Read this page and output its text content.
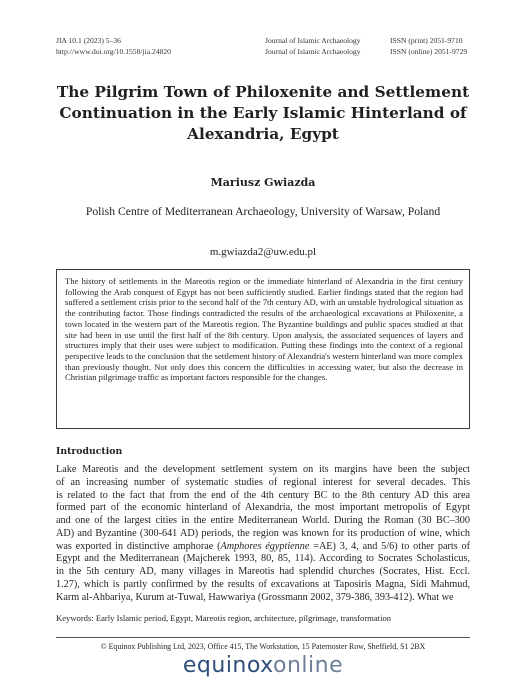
JIA 10.1 (2023) 5–36
http://www.doi.org/10.1558/jia.24820
Journal of Islamic Archaeology
Journal of Islamic Archaeology
ISSN (print) 2051-9710
ISSN (online) 2051-9729
The Pilgrim Town of Philoxenite and Settlement
Continuation in the Early Islamic Hinterland of
Alexandria, Egypt
Mariusz Gwiazda
Polish Centre of Mediterranean Archaeology, University of Warsaw, Poland
m.gwiazda2@uw.edu.pl
The history of settlements in the Mareotis region or the immediate hinterland of Alexandria in the first century following the Arab conquest of Egypt has not been sufficiently studied. Earlier findings stated that the region had suffered a settlement crisis prior to the second half of the 7th century AD, with an unstable hydrological situation as the contributing factor. Those findings contradicted the results of the archaeological excavations at Philoxenite, a town located in the western part of the Mareotis region. The Byzantine buildings and public spaces studied at that site had been in use until the first half of the 8th century. Upon analysis, the associated sequences of layers and structures imply that their uses were subject to modification. Putting these findings into the context of a regional perspective leads to the conclusion that the settlement history of Alexandria's western hinterland was more complex than previously thought. Not only does this concern the difficulties in accessing water, but also the decrease in Christian pilgrimage traffic as important factors responsible for the changes.
Introduction
Lake Mareotis and the development settlement system on its margins have been the subject
of an increasing number of systematic studies of regional interest for several decades. This
is related to the fact that from the end of the 4th century BC to the 8th century AD this area
formed part of the economic hinterland of Alexandria, the most important metropolis of Egypt
and one of the largest cities in the entire Mediterranean World. During the Roman (30 BC–300
AD) and Byzantine (300-641 AD) periods, the region was known for its production of wine, which
was exported in distinctive amphorae (Amphores égyptienne =AE) 3, 4, and 5/6) to other parts of
Egypt and the Mediterranean (Majcherek 1993, 80, 85, 114). According to Socrates Scholasticus,
in the 5th century AD, many villages in Mareotis had splendid churches (Socrates, Hist. Eccl.
1.27), which is partly confirmed by the results of excavations at Taposiris Magna, Sidi Mahmud,
Karm al-Ahbariya, Kurum at-Tuwal, Hawwariya (Grossmann 2002, 379-386, 393-412). What we
Keywords: Early Islamic period, Egypt, Mareotis region, architecture, pilgrimage, transformation
© Equinox Publishing Ltd, 2023, Office 415, The Workstation, 15 Paternoster Row, Sheffield, S1 2BX
equinoxonline
